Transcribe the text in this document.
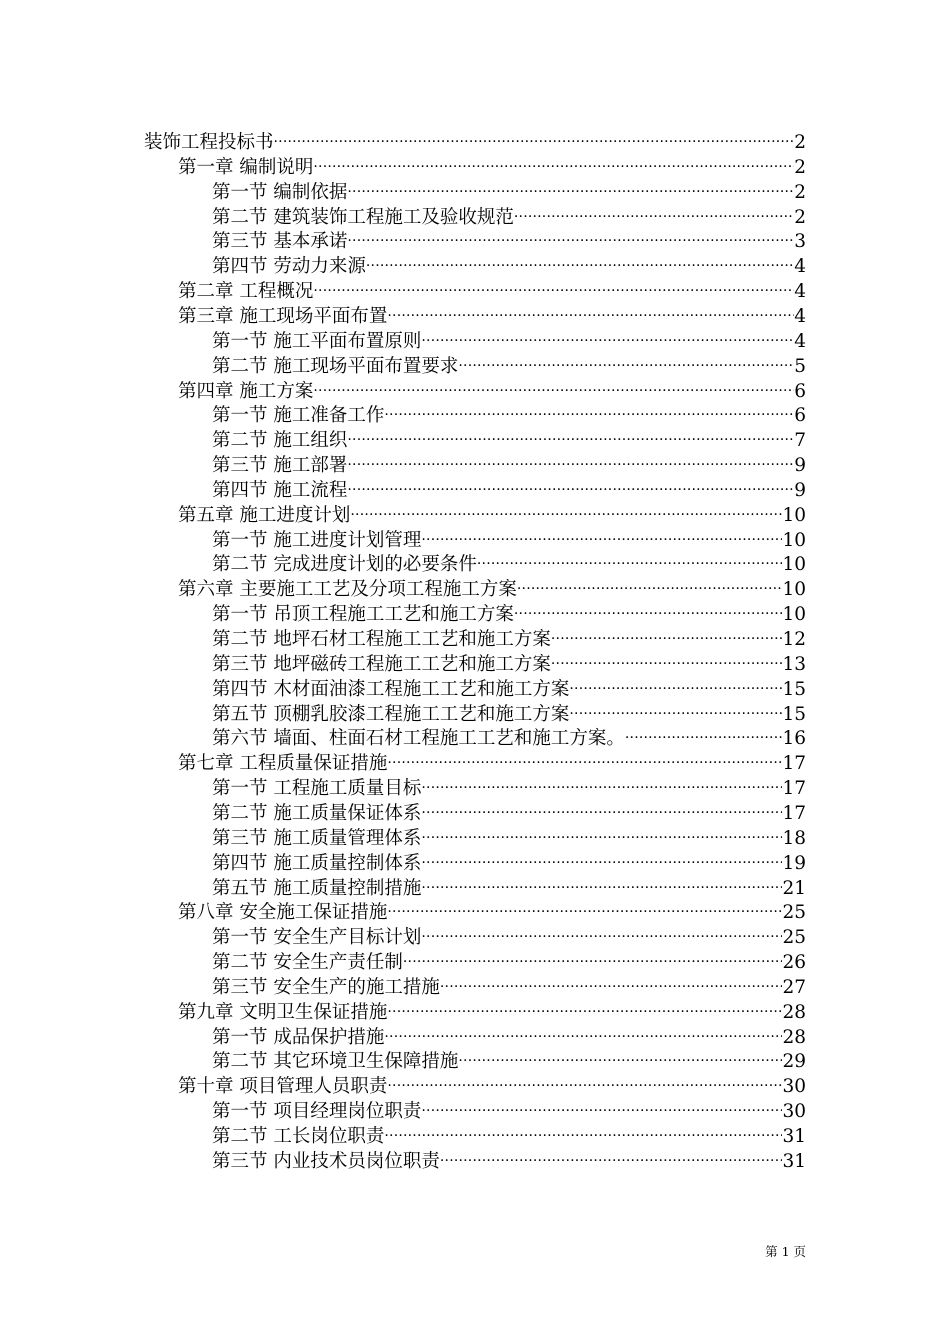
装饰工程投标书 .....	2
第一章 编制说明 .....	2
第一节 编制依据 .....	2
第二节 建筑装饰工程施工及验收规范 .....	2
第三节 基本承诺 .....	3
第四节 劳动力来源 .....	4
第二章 工程概况 .....	4
第三章 施工现场平面布置 .....	4
第一节 施工平面布置原则 .....	4
第二节 施工现场平面布置要求 .....	5
第四章 施工方案 .....	6
第一节 施工准备工作 .....	6
第二节 施工组织 .....	7
第三节 施工部署 .....	9
第四节 施工流程 .....	9
第五章 施工进度计划 .....	10
第一节 施工进度计划管理 .....	10
第二节 完成进度计划的必要条件 .....	10
第六章 主要施工工艺及分项工程施工方案 .....	10
第一节 吊顶工程施工工艺和施工方案 .....	10
第二节 地坪石材工程施工工艺和施工方案 .....	12
第三节 地坪磁砖工程施工工艺和施工方案 .....	13
第四节 木材面油漆工程施工工艺和施工方案 .....	15
第五节 顶棚乳胶漆工程施工工艺和施工方案 .....	15
第六节 墙面、柱面石材工程施工工艺和施工方案。 .....	16
第七章 工程质量保证措施 .....	17
第一节 工程施工质量目标 .....	17
第二节 施工质量保证体系 .....	17
第三节 施工质量管理体系 .....	18
第四节 施工质量控制体系 .....	19
第五节 施工质量控制措施 .....	21
第八章 安全施工保证措施 .....	25
第一节 安全生产目标计划 .....	25
第二节 安全生产责任制 .....	26
第三节 安全生产的施工措施 .....	27
第九章 文明卫生保证措施 .....	28
第一节 成品保护措施 .....	28
第二节 其它环境卫生保障措施 .....	29
第十章 项目管理人员职责 .....	30
第一节 项目经理岗位职责 .....	30
第二节 工长岗位职责 .....	31
第三节 内业技术员岗位职责 .....	31
第 1 页
